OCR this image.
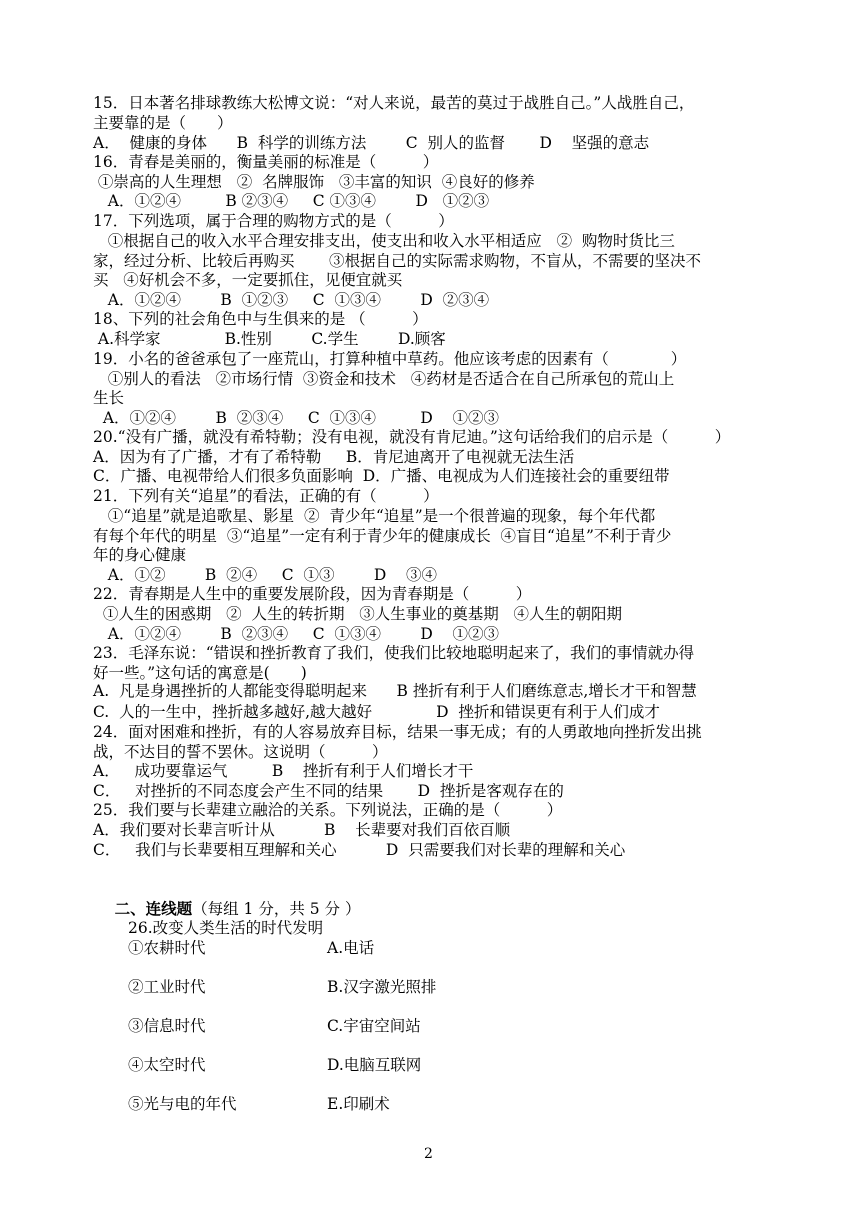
15．日本著名排球教练大松博文说：“对人来说，最苦的莫过于战胜自己。”人战胜自己，
主要靠的是（　　）
A．  健康的身体      B  科学的训练方法        C  别人的监督       D    坚强的意志
16．青春是美丽的，衡量美丽的标准是（　　　）
①崇高的人生理想   ②  名牌服饰   ③丰富的知识  ④良好的修养
A．①②④         B ②③④     C ①③④        D   ①②③
17．下列选项，属于合理的购物方式的是（　　　）
①根据自己的收入水平合理安排支出，使支出和收入水平相适应   ②  购物时货比三
家，经过分析、比较后再购买       ③根据自己的实际需求购物，不盲从，不需要的坚决不
买   ④好机会不多，一定要抓住，见便宜就买
A．①②④        B  ①②③     C  ①③④        D  ②③④
18、下列的社会角色中与生俱来的是 （　　　）
A.科学家             B.性别        C.学生        D.顾客
19．小名的爸爸承包了一座荒山，打算种植中草药。他应该考虑的因素有（　　　　）
①别人的看法   ②市场行情  ③资金和技术   ④药材是否适合在自己所承包的荒山上
生长
A．①②④        B  ②③④     C  ①③④         D    ①②③
20.“没有广播，就没有希特勒；没有电视，就没有肯尼迪。”这句话给我们的启示是（　　　）
A．因为有了广播，才有了希特勒     B．肯尼迪离开了电视就无法生活
C．广播、电视带给人们很多负面影响  D．广播、电视成为人们连接社会的重要纽带
21．下列有关“追星”的看法，正确的有（　　　）
①“追星”就是追歌星、影星  ②  青少年“追星”是一个很普遍的现象，每个年代都
有每个年代的明星  ③“追星”一定有利于青少年的健康成长  ④盲目“追星”不利于青少
年的身心健康
A．①②        B  ②④     C  ①③        D    ③④
22．青春期是人生中的重要发展阶段，因为青春期是（　　　）
①人生的困惑期   ②  人生的转折期   ③人生事业的奠基期   ④人生的朝阳期
A．①②④        B  ②③④     C  ①③④        D    ①②③
23．毛泽东说：“错误和挫折教育了我们，使我们比较地聪明起来了，我们的事情就办得
好一些。”这句话的寓意是(　　)
A.  凡是身遇挫折的人都能变得聪明起来      B 挫折有利于人们磨练意志,增长才干和智慧
C.  人的一生中，挫折越多越好,越大越好             D  挫折和错误更有利于人们成才
24．面对困难和挫折，有的人容易放弃目标，结果一事无成；有的人勇敢地向挫折发出挑
战，不达目的誓不罢休。这说明（　　　）
A．   成功要靠运气         B    挫折有利于人们增长才干
C．   对挫折的不同态度会产生不同的结果       D  挫折是客观存在的
25．我们要与长辈建立融洽的关系。下列说法，正确的是（　　　）
A．我们要对长辈言听计从          B    长辈要对我们百依百顺
C．   我们与长辈要相互理解和关心          D  只需要我们对长辈的理解和关心

二、连线题（每组 1 分，共 5 分 ）

26.改变人类生活的时代发明
①农耕时代
②工业时代
③信息时代
④太空时代
⑤光与电的年代
A.电话
B.汉字激光照排
C.宇宙空间站
D.电脑互联网
E.印刷术
2
